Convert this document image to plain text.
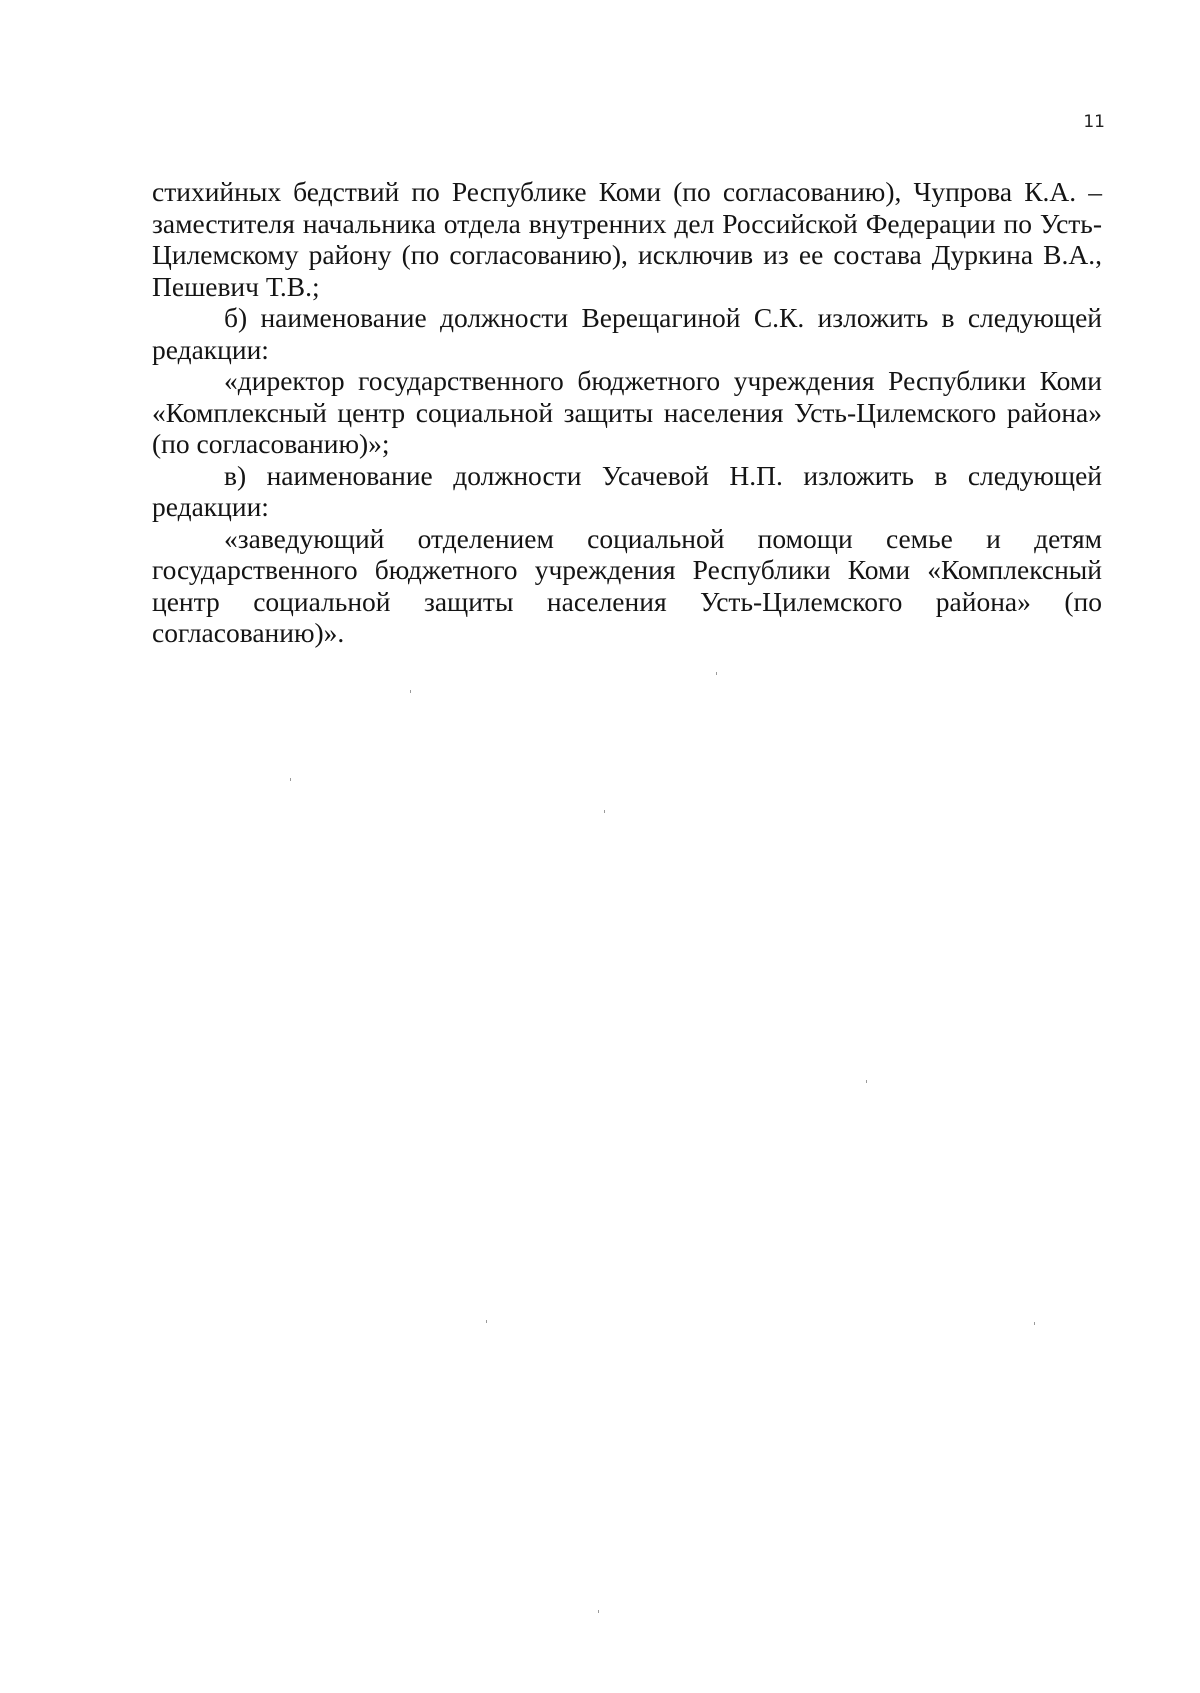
11

стихийных бедствий по Республике Коми (по согласованию), Чупрова К.А. – заместителя начальника отдела внутренних дел Российской Федерации по Усть-Цилемскому району (по согласованию), исключив из ее состава Дуркина В.А., Пешевич Т.В.;

б) наименование должности Верещагиной С.К. изложить в следующей редакции:

«директор государственного бюджетного учреждения Республики Коми «Комплексный центр социальной защиты населения Усть-Цилемского района» (по согласованию)»;

в) наименование должности Усачевой Н.П. изложить в следующей редакции:

«заведующий отделением социальной помощи семье и детям государственного бюджетного учреждения Республики Коми «Комплексный центр социальной защиты населения Усть-Цилемского района» (по согласованию)».
